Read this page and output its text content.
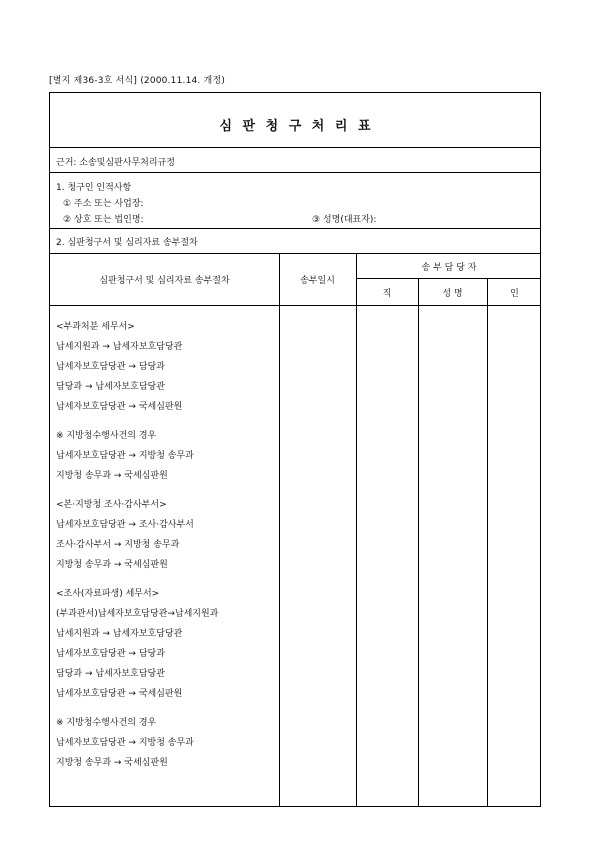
[별지 제36-3호 서식] (2000.11.14. 개정)
심 판 청 구 처 리 표
근거: 소송및심판사무처리규정
1. 청구인 인적사항
① 주소 또는 사업장:
② 상호 또는 법인명:	③ 성명(대표자):
2. 심판청구서 및 심리자료 송부절차
심판청구서 및 심리자료 송부절차	송부일시
송 부 담 당 자
직	성 명	인
<부과처분 세무서>
납세지원과 → 납세자보호담당관
납세자보호담당관 → 담당과
담당과 → 납세자보호담당관
납세자보호담당관 → 국세심판원
※ 지방청수행사건의 경우
납세자보호담당관 → 지방청 송무과
지방청 송무과 → 국세심판원
<본·지방청 조사·감사부서>
납세자보호담당관 → 조사·감사부서
조사·감사부서 → 지방청 송무과
지방청 송무과 → 국세심판원
<조사(자료파생) 세무서>
(부과관서)납세자보호담당관→납세지원과
납세지원과 → 납세자보호담당관
납세자보호담당관 → 담당과
담당과 → 납세자보호담당관
납세자보호담당관 → 국세심판원
※ 지방청수행사건의 경우
납세자보호담당관 → 지방청 송무과
지방청 송무과 → 국세심판원
